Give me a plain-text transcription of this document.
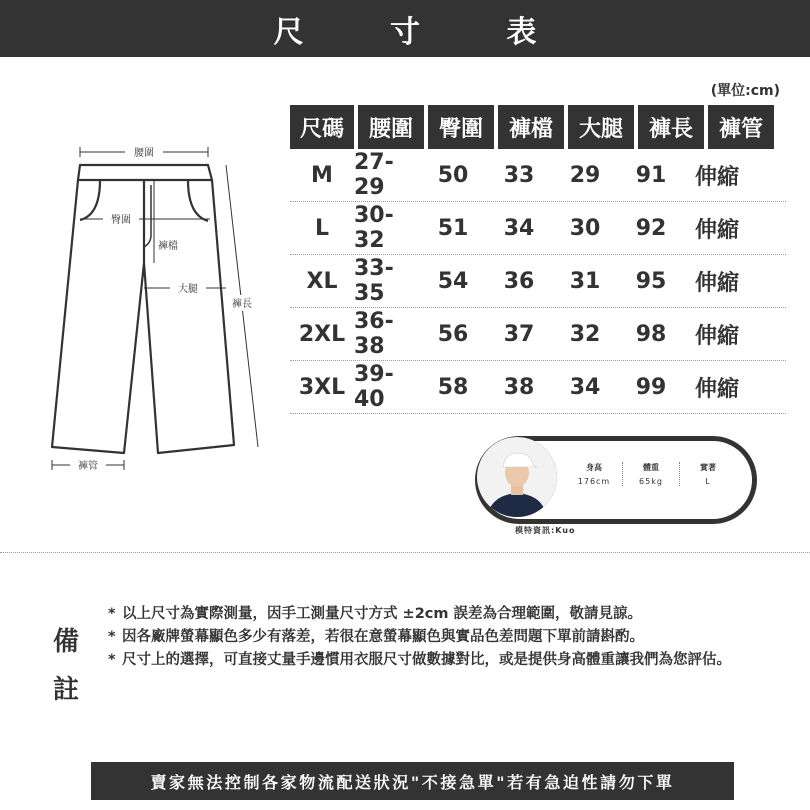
尺 寸 表
(單位:cm)
腰圍
臀圍
褲檔
大腿
褲長
褲管
尺碼	腰圍	臀圍	褲檔	大腿	褲長	褲管
M 27-29	50	33	29	91	伸縮
L	30-32	51	34	30	92	伸縮
XL 33-35	54	36	31	95	伸縮
2XL 36-38	56	37	32	98	伸縮
3XL 39-40	58	38	34	99	伸縮
身高
176cm
體重
65kg
實著
L
模特資訊:Kuo
備
註
* 以上尺寸為實際測量，因手工測量尺寸方式 ±2cm 誤差為合理範圍，敬請見諒。
* 因各廠牌螢幕顯色多少有落差，若很在意螢幕顯色與實品色差問題下單前請斟酌。
* 尺寸上的選擇，可直接丈量手邊慣用衣服尺寸做數據對比，或是提供身高體重讓我們為您評估。
賣家無法控制各家物流配送狀況"不接急單"若有急迫性請勿下單
